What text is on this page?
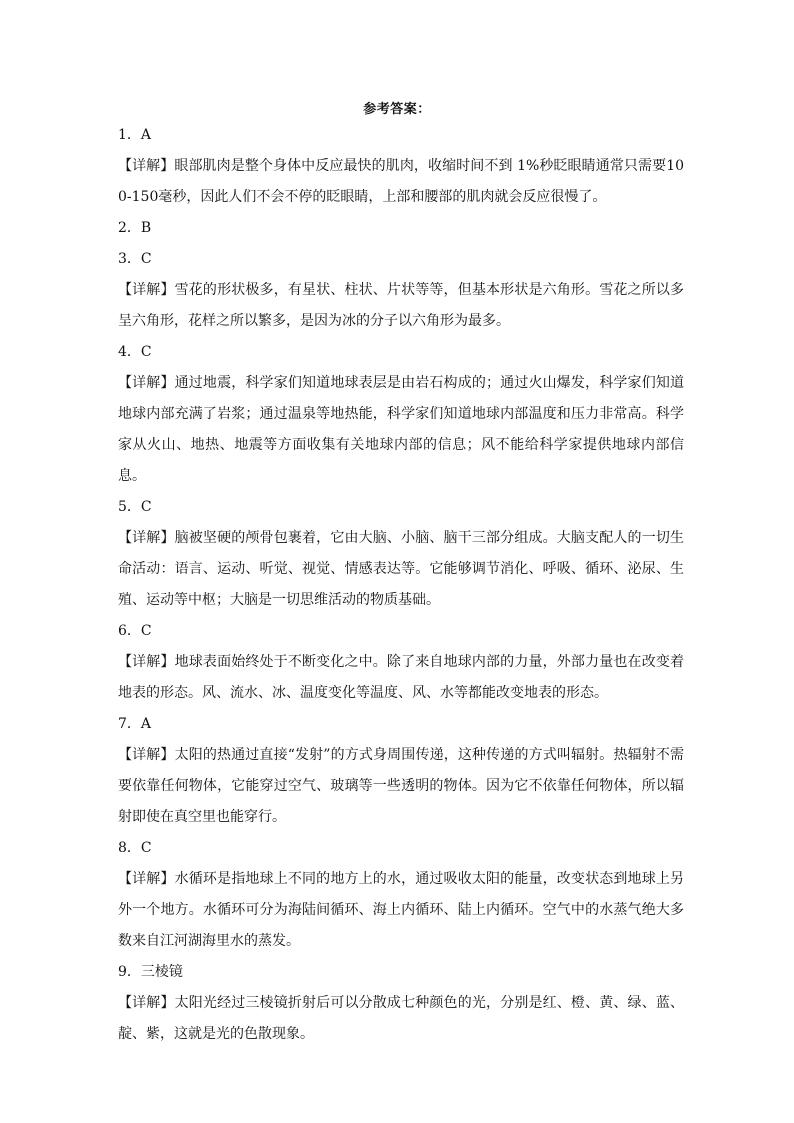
参考答案：
1．A
【详解】眼部肌肉是整个身体中反应最快的肌肉，收缩时间不到 1%秒眨眼睛通常只需要100-150毫秒，因此人们不会不停的眨眼睛，上部和腰部的肌肉就会反应很慢了。
2．B
3．C
【详解】雪花的形状极多，有星状、柱状、片状等等，但基本形状是六角形。雪花之所以多呈六角形，花样之所以繁多，是因为冰的分子以六角形为最多。
4．C
【详解】通过地震，科学家们知道地球表层是由岩石构成的；通过火山爆发，科学家们知道地球内部充满了岩浆；通过温泉等地热能，科学家们知道地球内部温度和压力非常高。科学家从火山、地热、地震等方面收集有关地球内部的信息；风不能给科学家提供地球内部信息。
5．C
【详解】脑被坚硬的颅骨包裹着，它由大脑、小脑、脑干三部分组成。大脑支配人的一切生命活动：语言、运动、听觉、视觉、情感表达等。它能够调节消化、呼吸、循环、泌尿、生殖、运动等中枢；大脑是一切思维活动的物质基础。
6．C
【详解】地球表面始终处于不断变化之中。除了来自地球内部的力量，外部力量也在改变着地表的形态。风、流水、冰、温度变化等温度、风、水等都能改变地表的形态。
7．A
【详解】太阳的热通过直接“发射”的方式身周围传递，这种传递的方式叫辐射。热辐射不需要依靠任何物体，它能穿过空气、玻璃等一些透明的物体。因为它不依靠任何物体，所以辐射即使在真空里也能穿行。
8．C
【详解】水循环是指地球上不同的地方上的水，通过吸收太阳的能量，改变状态到地球上另外一个地方。水循环可分为海陆间循环、海上内循环、陆上内循环。空气中的水蒸气绝大多数来自江河湖海里水的蒸发。
9．三棱镜
【详解】太阳光经过三棱镜折射后可以分散成七种颜色的光，分别是红、橙、黄、绿、蓝、靛、紫，这就是光的色散现象。
